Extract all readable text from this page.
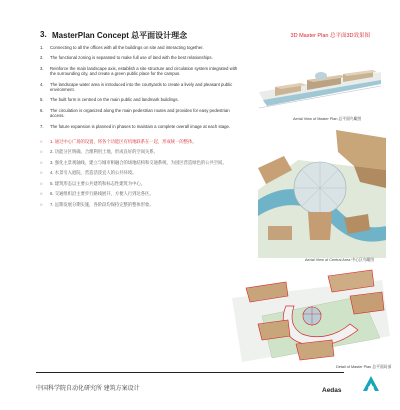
3. MasterPlan Concept 总平面设计理念	3D Master Plan 总平面3D效果图
1.	Connecting to all the offices with all the buildings on site and interacting together.
2.	The functional zoning is separated to make full use of land with the best relationships.
3.	Reinforce the main landscape axis, establish a site structure and circulation system integrated with the surrounding city, and create a green public place for the campus.
4.	The landscape water area is introduced into the courtyards to create a lively and pleasant public environment.
5.	The built form is centred on the main public and landmark buildings.
6.	The circulation is organized along the main pedestrian routes and provides for easy pedestrian access.
7.	The future expansion is planned in phases to maintain a complete overall image at each stage.
○	1. 通过中心广场的设置，将各个功能区有机地联系在一起，形成统一的整体。
○	2. 功能分区明确，合理利用土地，形成良好的空间关系。
○	3. 强化主景观轴线，建立与城市相融合的场地结构和交通系统，为园区营造绿色的公共空间。
○	4. 水景引入庭院，营造活泼宜人的公共环境。
○	5. 建筑形态以主要公共建筑和标志性建筑为中心。
○	6. 交通组织沿主要步行路线展开，方便人行到达各区。
○	7. 远期发展分期实施，各阶段均保持完整的整体形象。
Aerial View of Master Plan 总平面鸟瞰图
Aerial View of Central Area 中心区鸟瞰图
Detail of Master Plan 总平面局部
中国科学院自动化研究所 建筑方案设计	Aedas
